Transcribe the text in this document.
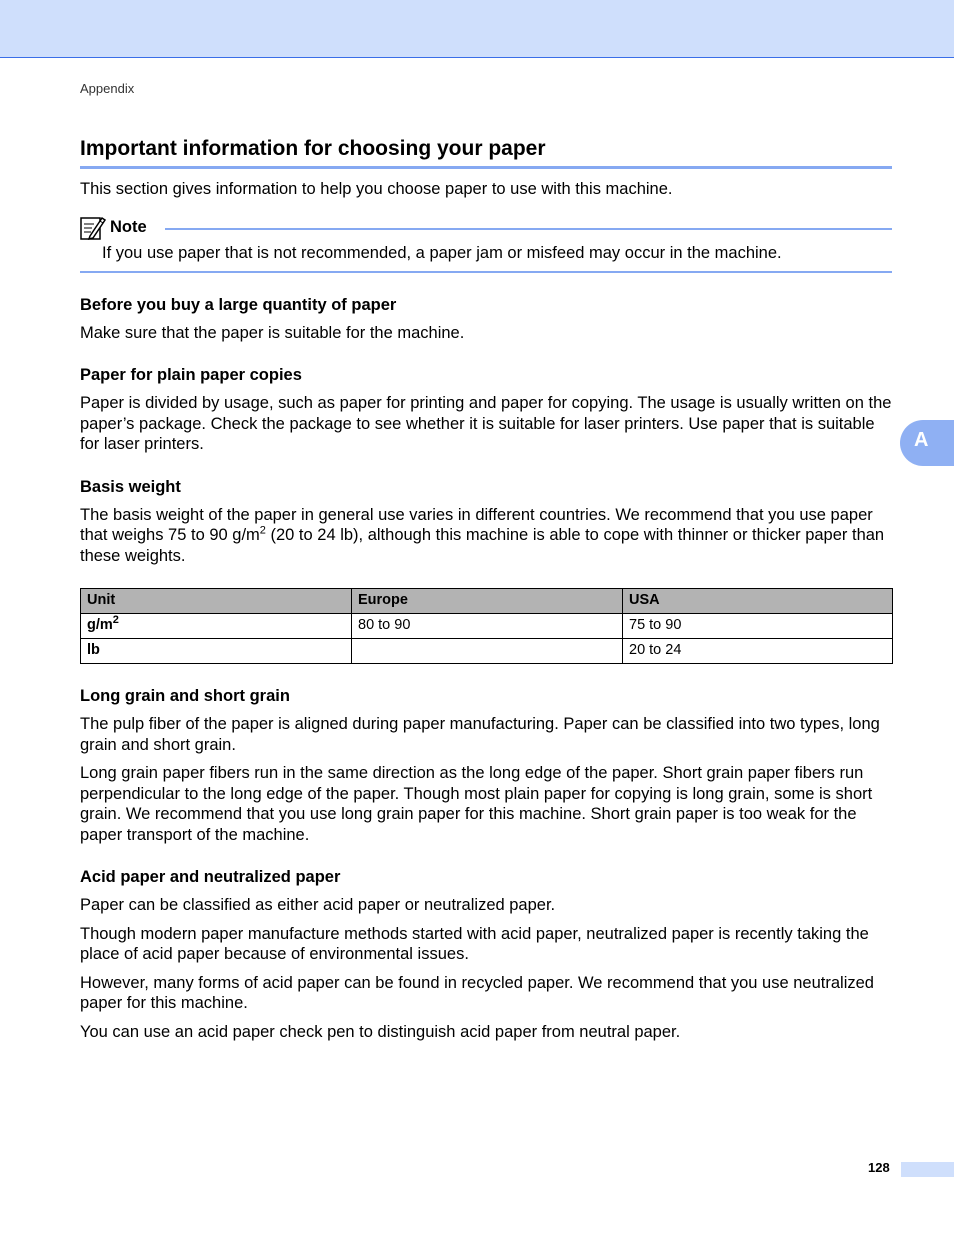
Appendix
Important information for choosing your paper

This section gives information to help you choose paper to use with this machine.

Note
If you use paper that is not recommended, a paper jam or misfeed may occur in the machine.
Before you buy a large quantity of paper

Make sure that the paper is suitable for the machine.

Paper for plain paper copies

Paper is divided by usage, such as paper for printing and paper for copying. The usage is usually written on the paper’s package. Check the package to see whether it is suitable for laser printers. Use paper that is suitable for laser printers.

Basis weight

The basis weight of the paper in general use varies in different countries. We recommend that you use paper that weighs 75 to 90 $g/m^2$ (20 to 24 lb), although this machine is able to cope with thinner or thicker paper than these weights.

Unit	Europe	USA
$g/m^2$	80 to 90	75 to 90
lb		20 to 24
Long grain and short grain

The pulp fiber of the paper is aligned during paper manufacturing. Paper can be classified into two types, long grain and short grain.

Long grain paper fibers run in the same direction as the long edge of the paper. Short grain paper fibers run perpendicular to the long edge of the paper. Though most plain paper for copying is long grain, some is short grain. We recommend that you use long grain paper for this machine. Short grain paper is too weak for the paper transport of the machine.

Acid paper and neutralized paper

Paper can be classified as either acid paper or neutralized paper.

Though modern paper manufacture methods started with acid paper, neutralized paper is recently taking the place of acid paper because of environmental issues.

However, many forms of acid paper can be found in recycled paper. We recommend that you use neutralized paper for this machine.

You can use an acid paper check pen to distinguish acid paper from neutral paper.

A
128
